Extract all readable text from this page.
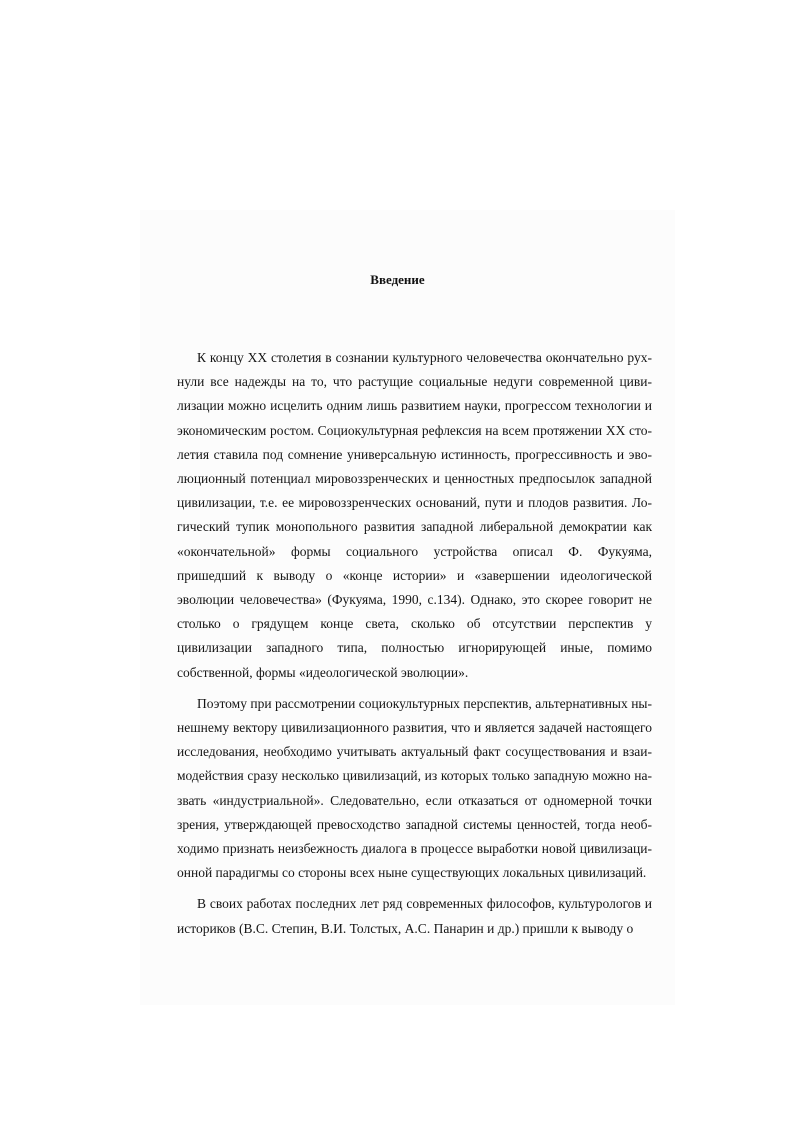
Введение

К концу XX столетия в сознании культурного человечества окончательно рухнули все надежды на то, что растущие социальные недуги современной цивилизации можно исцелить одним лишь развитием науки, прогрессом технологии и экономическим ростом. Социокультурная рефлексия на всем протяжении XX столетия ставила под сомнение универсальную истинность, прогрессивность и эволюционный потенциал мировоззренческих и ценностных предпосылок западной цивилизации, т.е. ее мировоззренческих оснований, пути и плодов развития. Логический тупик монопольного развития западной либеральной демократии как «окончательной» формы социального устройства описал Ф. Фукуяма, пришедший к выводу о «конце истории» и «завершении идеологической эволюции человечества» (Фукуяма, 1990, с.134). Однако, это скорее говорит не столько о грядущем конце света, сколько об отсутствии перспектив у цивилизации западного типа, полностью игнорирующей иные, помимо собственной, формы «идеологической эволюции».

Поэтому при рассмотрении социокультурных перспектив, альтернативных нынешнему вектору цивилизационного развития, что и является задачей настоящего исследования, необходимо учитывать актуальный факт сосуществования и взаимодействия сразу несколько цивилизаций, из которых только западную можно назвать «индустриальной». Следовательно, если отказаться от одномерной точки зрения, утверждающей превосходство западной системы ценностей, тогда необходимо признать неизбежность диалога в процессе выработки новой цивилизационной парадигмы со стороны всех ныне существующих локальных цивилизаций.

В своих работах последних лет ряд современных философов, культурологов и историков (В.С. Степин, В.И. Толстых, А.С. Панарин и др.) пришли к выводу о
